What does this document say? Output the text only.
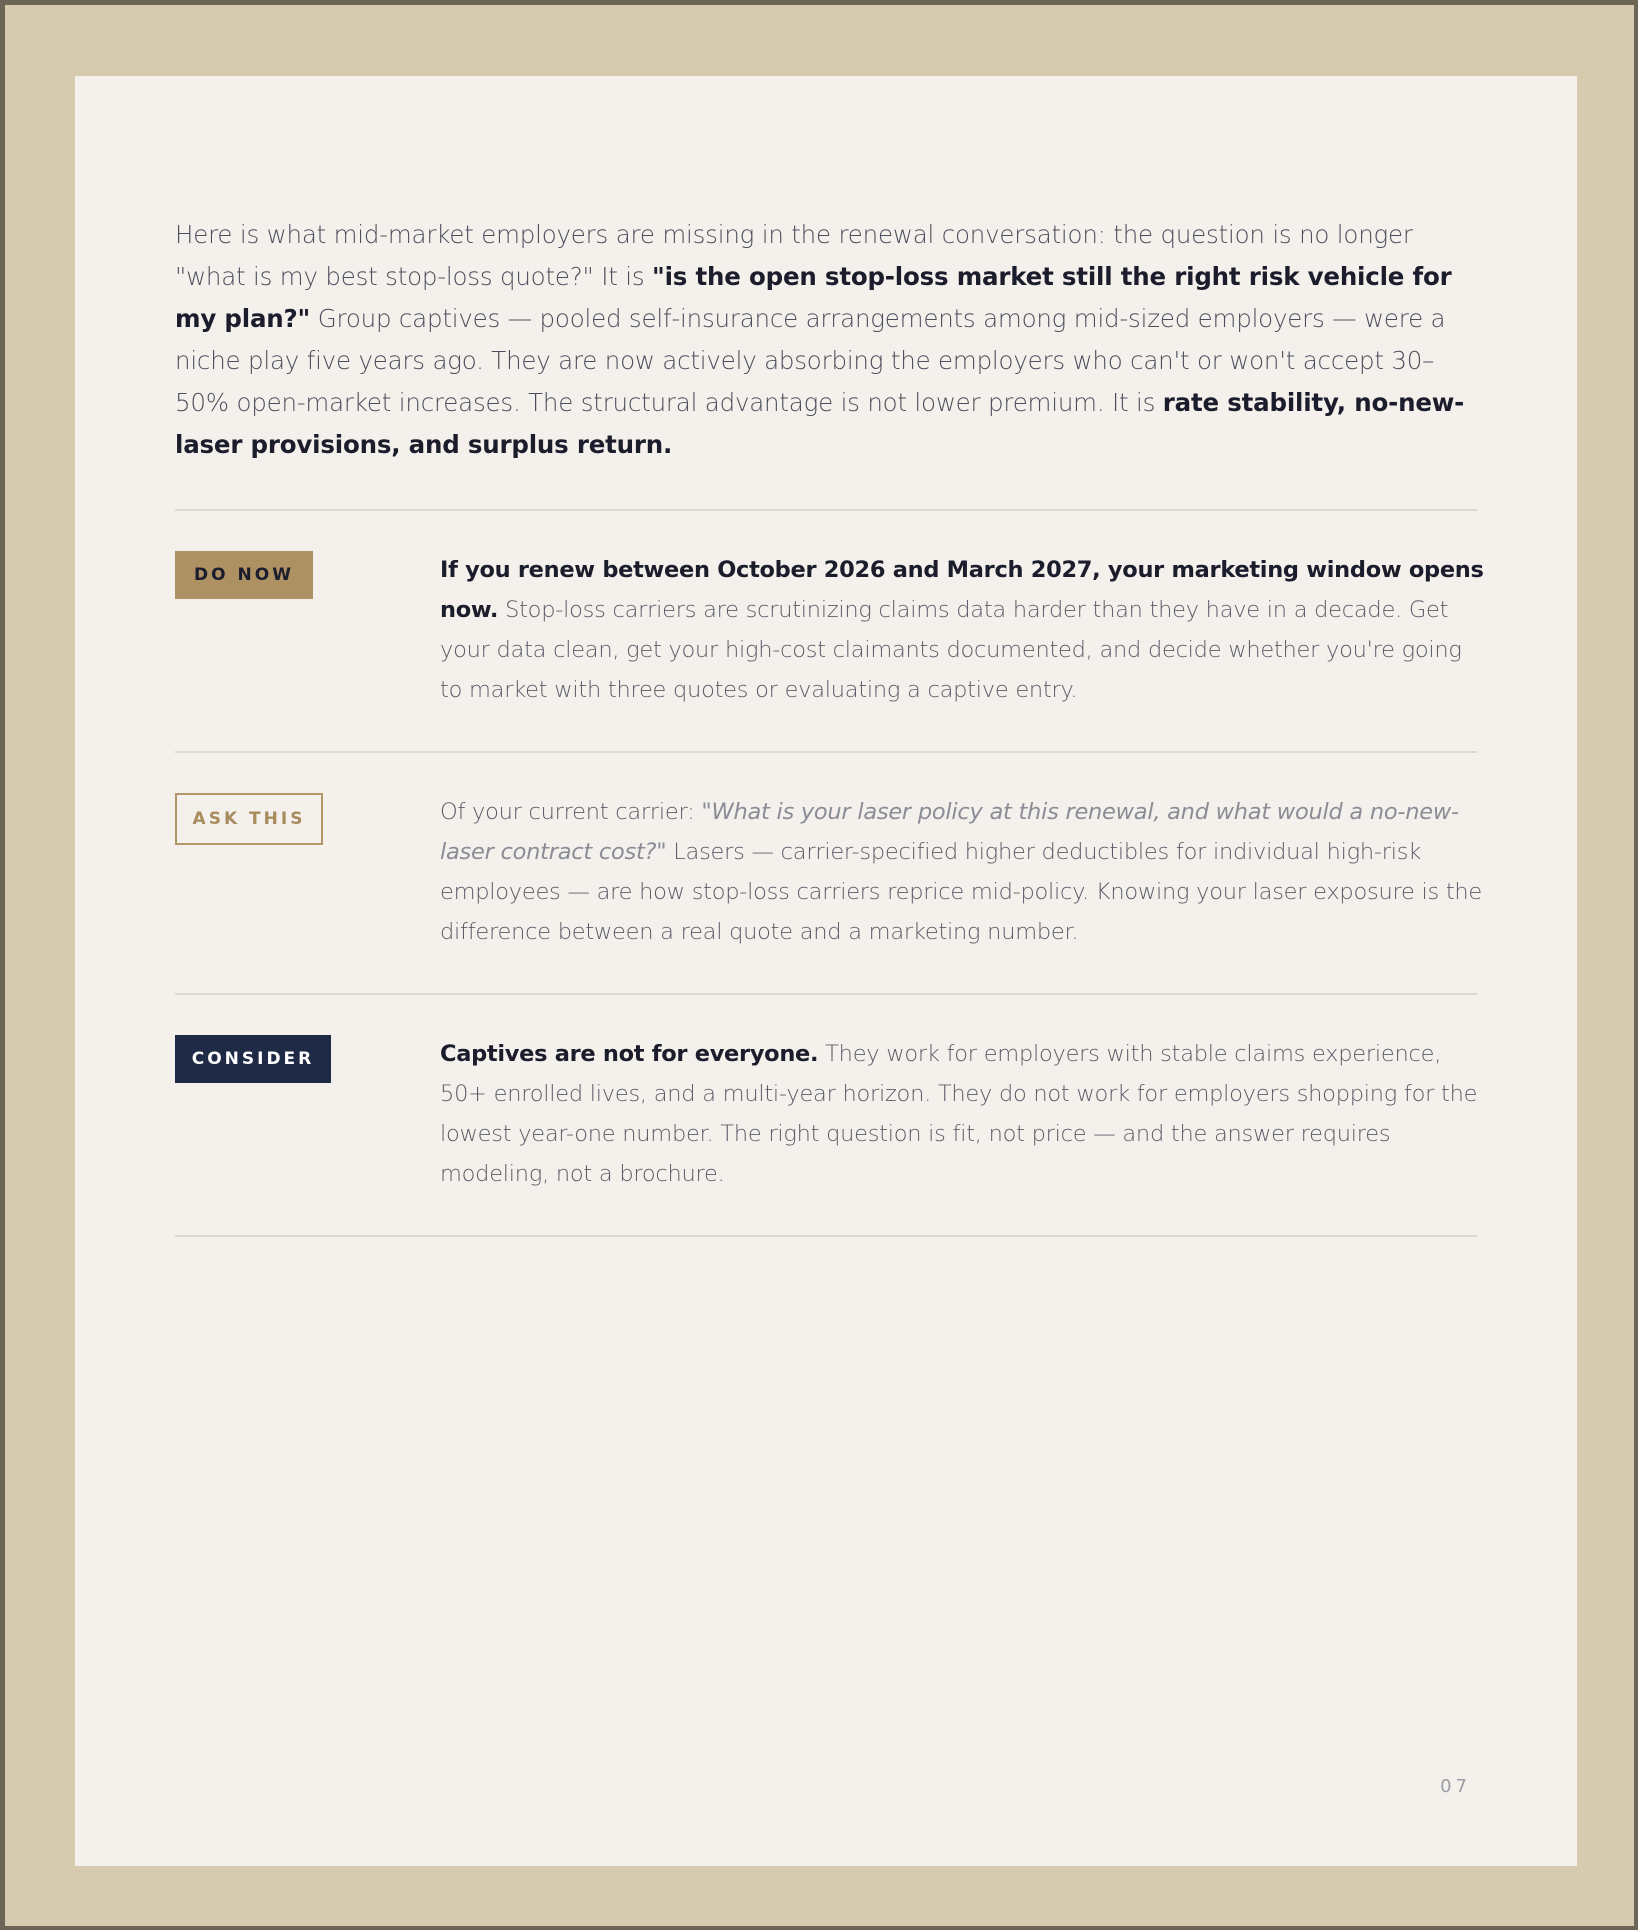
Here is what mid-market employers are missing in the renewal conversation: the question is no longer "what is my best stop-loss quote?" It is "is the open stop-loss market still the right risk vehicle for my plan?" Group captives — pooled self-insurance arrangements among mid-sized employers — were a niche play five years ago. They are now actively absorbing the employers who can't or won't accept 30–50% open-market increases. The structural advantage is not lower premium. It is rate stability, no-new-laser provisions, and surplus return.
DO NOW	If you renew between October 2026 and March 2027, your marketing window opens now. Stop-loss carriers are scrutinizing claims data harder than they have in a decade. Get your data clean, get your high-cost claimants documented, and decide whether you're going to market with three quotes or evaluating a captive entry.
ASK THIS	Of your current carrier: "What is your laser policy at this renewal, and what would a no-new-laser contract cost?" Lasers — carrier-specified higher deductibles for individual high-risk employees — are how stop-loss carriers reprice mid-policy. Knowing your laser exposure is the difference between a real quote and a marketing number.
CONSIDER	Captives are not for everyone. They work for employers with stable claims experience, 50+ enrolled lives, and a multi-year horizon. They do not work for employers shopping for the lowest year-one number. The right question is fit, not price — and the answer requires modeling, not a brochure.
07
